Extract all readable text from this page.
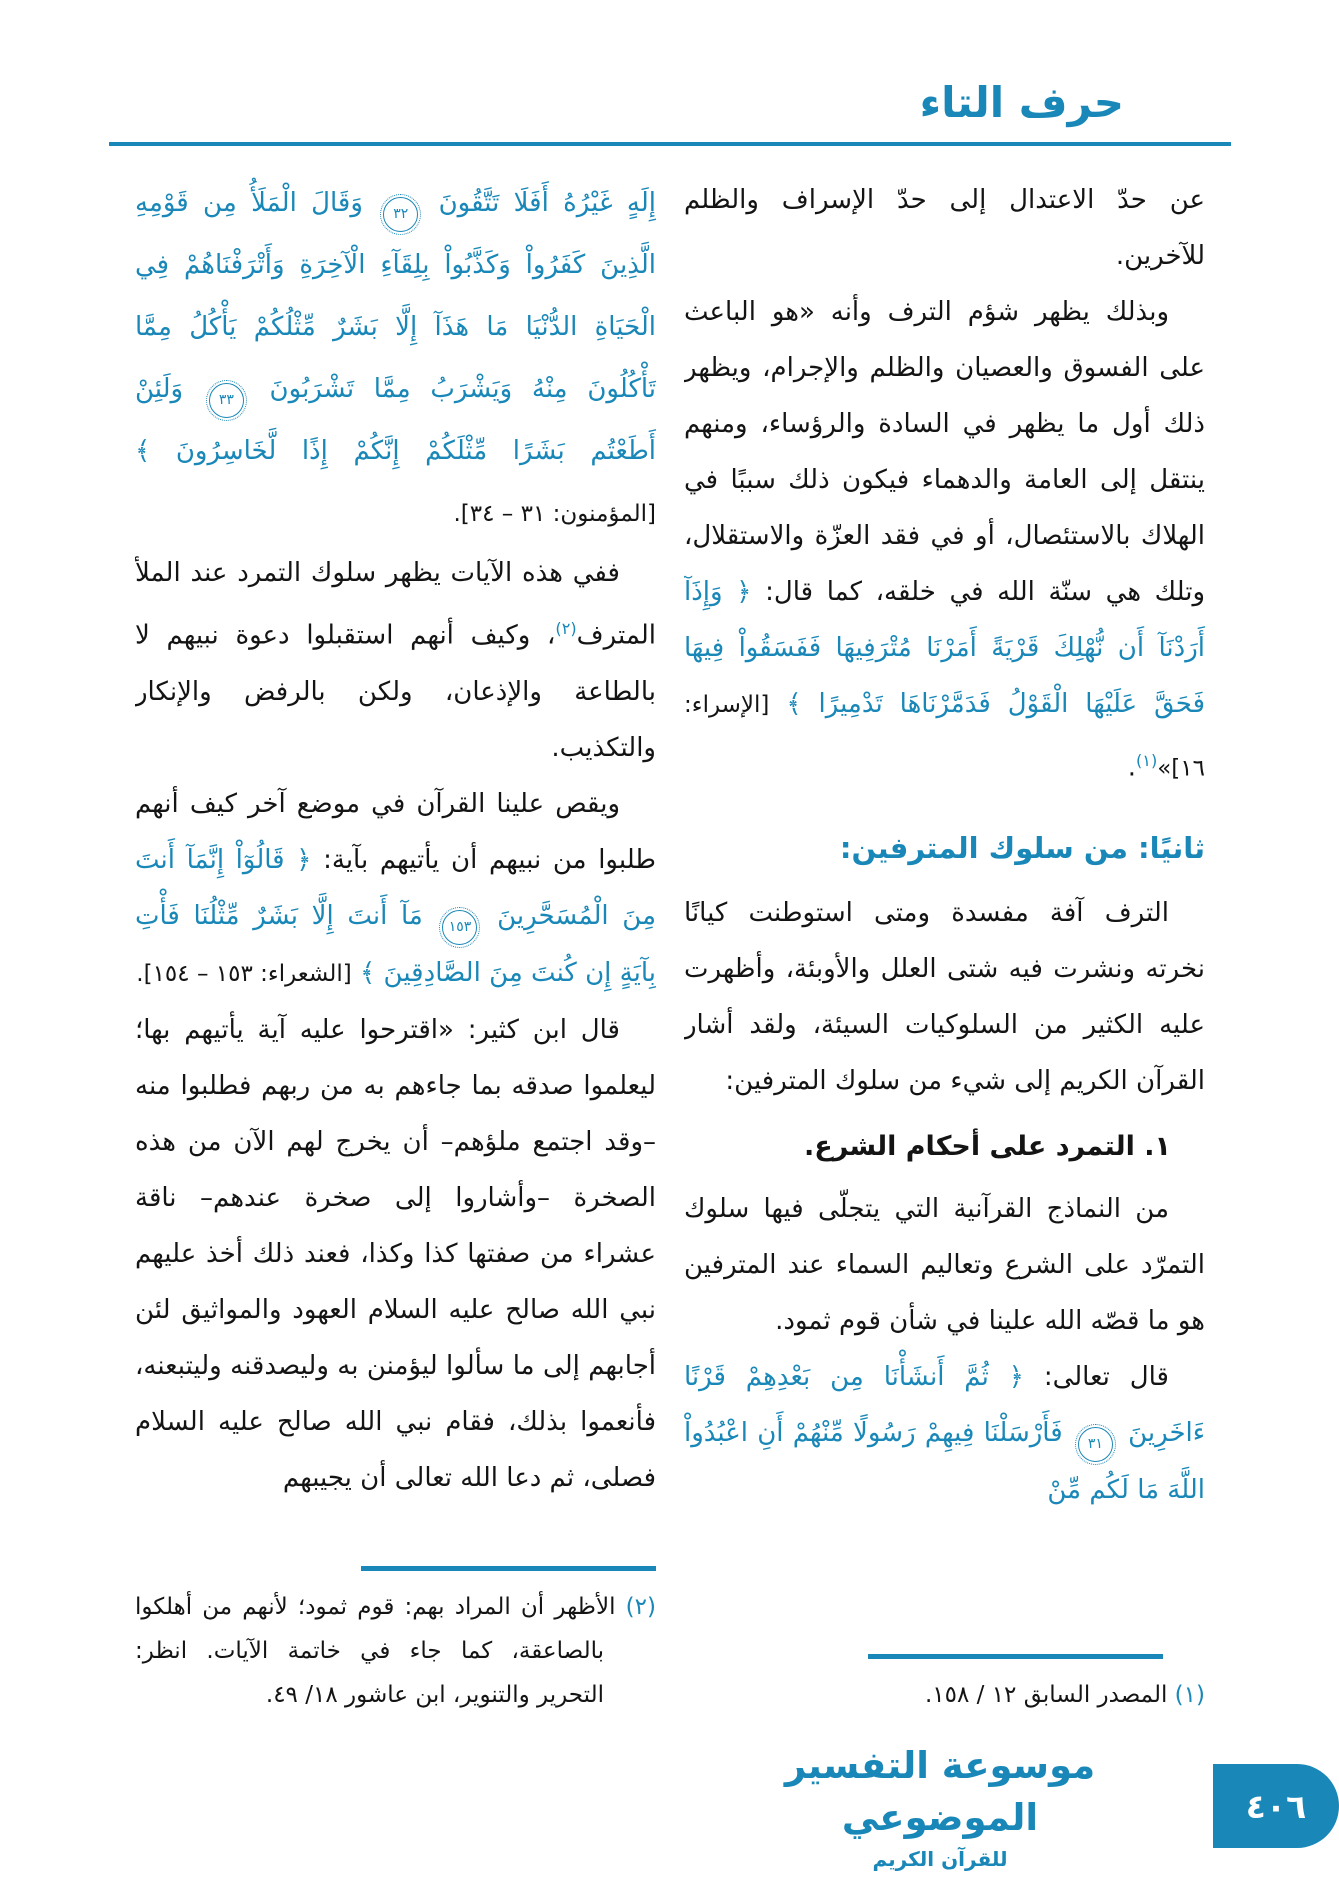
حرف التاء

عن حدّ الاعتدال إلى حدّ الإسراف والظلم للآخرين.

وبذلك يظهر شؤم الترف وأنه «هو الباعث على الفسوق والعصيان والظلم والإجرام، ويظهر ذلك أول ما يظهر في السادة والرؤساء، ومنهم ينتقل إلى العامة والدهماء فيكون ذلك سببًا في الهلاك بالاستئصال، أو في فقد العزّة والاستقلال، وتلك هي سنّة الله في خلقه، كما قال: ﴿ وَإِذَآ أَرَدْنَآ أَن نُّهْلِكَ قَرْيَةً أَمَرْنَا مُتْرَفِيهَا فَفَسَقُواْ فِيهَا فَحَقَّ عَلَيْهَا الْقَوْلُ فَدَمَّرْنَاهَا تَدْمِيرًا ﴾ [الإسراء: ١٦]»$^{(١)}$.

ثانيًا: من سلوك المترفين:

الترف آفة مفسدة ومتى استوطنت كيانًا نخرته ونشرت فيه شتى العلل والأوبئة، وأظهرت عليه الكثير من السلوكيات السيئة، ولقد أشار القرآن الكريم إلى شيء من سلوك المترفين:

١. التمرد على أحكام الشرع.

من النماذج القرآنية التي يتجلّى فيها سلوك التمرّد على الشرع وتعاليم السماء عند المترفين هو ما قصّه الله علينا في شأن قوم ثمود.

قال تعالى: ﴿ ثُمَّ أَنشَأْنَا مِن بَعْدِهِمْ قَرْنًا ءَاخَرِينَ ٣١ فَأَرْسَلْنَا فِيهِمْ رَسُولًا مِّنْهُمْ أَنِ اعْبُدُواْ اللَّهَ مَا لَكُم مِّنْ

(١) المصدر السابق ١٢ / ١٥٨.

إِلَهٍ غَيْرُهُ أَفَلَا تَتَّقُونَ ٣٢ وَقَالَ الْمَلَأُ مِن قَوْمِهِ الَّذِينَ كَفَرُواْ وَكَذَّبُواْ بِلِقَآءِ الْآخِرَةِ وَأَتْرَفْنَاهُمْ فِي الْحَيَاةِ الدُّنْيَا مَا هَذَآ إِلَّا بَشَرٌ مِّثْلُكُمْ يَأْكُلُ مِمَّا تَأْكُلُونَ مِنْهُ وَيَشْرَبُ مِمَّا تَشْرَبُونَ ٣٣ وَلَئِنْ أَطَعْتُم بَشَرًا مِّثْلَكُمْ إِنَّكُمْ إِذًا لَّخَاسِرُونَ ﴾ [المؤمنون: ٣١ – ٣٤].

ففي هذه الآيات يظهر سلوك التمرد عند الملأ المترف$^{(٢)}$، وكيف أنهم استقبلوا دعوة نبيهم لا بالطاعة والإذعان، ولكن بالرفض والإنكار والتكذيب.

ويقص علينا القرآن في موضع آخر كيف أنهم طلبوا من نبيهم أن يأتيهم بآية: ﴿ قَالُوٓاْ إِنَّمَآ أَنتَ مِنَ الْمُسَحَّرِينَ ١٥٣ مَآ أَنتَ إِلَّا بَشَرٌ مِّثْلُنَا فَأْتِ بِآيَةٍ إِن كُنتَ مِنَ الصَّادِقِينَ ﴾ [الشعراء: ١٥٣ – ١٥٤].

قال ابن كثير: «اقترحوا عليه آية يأتيهم بها؛ ليعلموا صدقه بما جاءهم به من ربهم فطلبوا منه –وقد اجتمع ملؤهم– أن يخرج لهم الآن من هذه الصخرة –وأشاروا إلى صخرة عندهم– ناقة عشراء من صفتها كذا وكذا، فعند ذلك أخذ عليهم نبي الله صالح عليه السلام العهود والمواثيق لئن أجابهم إلى ما سألوا ليؤمنن به وليصدقنه وليتبعنه، فأنعموا بذلك، فقام نبي الله صالح عليه السلام فصلى، ثم دعا الله تعالى أن يجيبهم

(٢) الأظهر أن المراد بهم: قوم ثمود؛ لأنهم من أهلكوا بالصاعقة، كما جاء في خاتمة الآيات. انظر: التحرير والتنوير، ابن عاشور ١٨/ ٤٩.

موسوعة التفسير الموضوعي
للقرآن الكريم
٤٠٦
